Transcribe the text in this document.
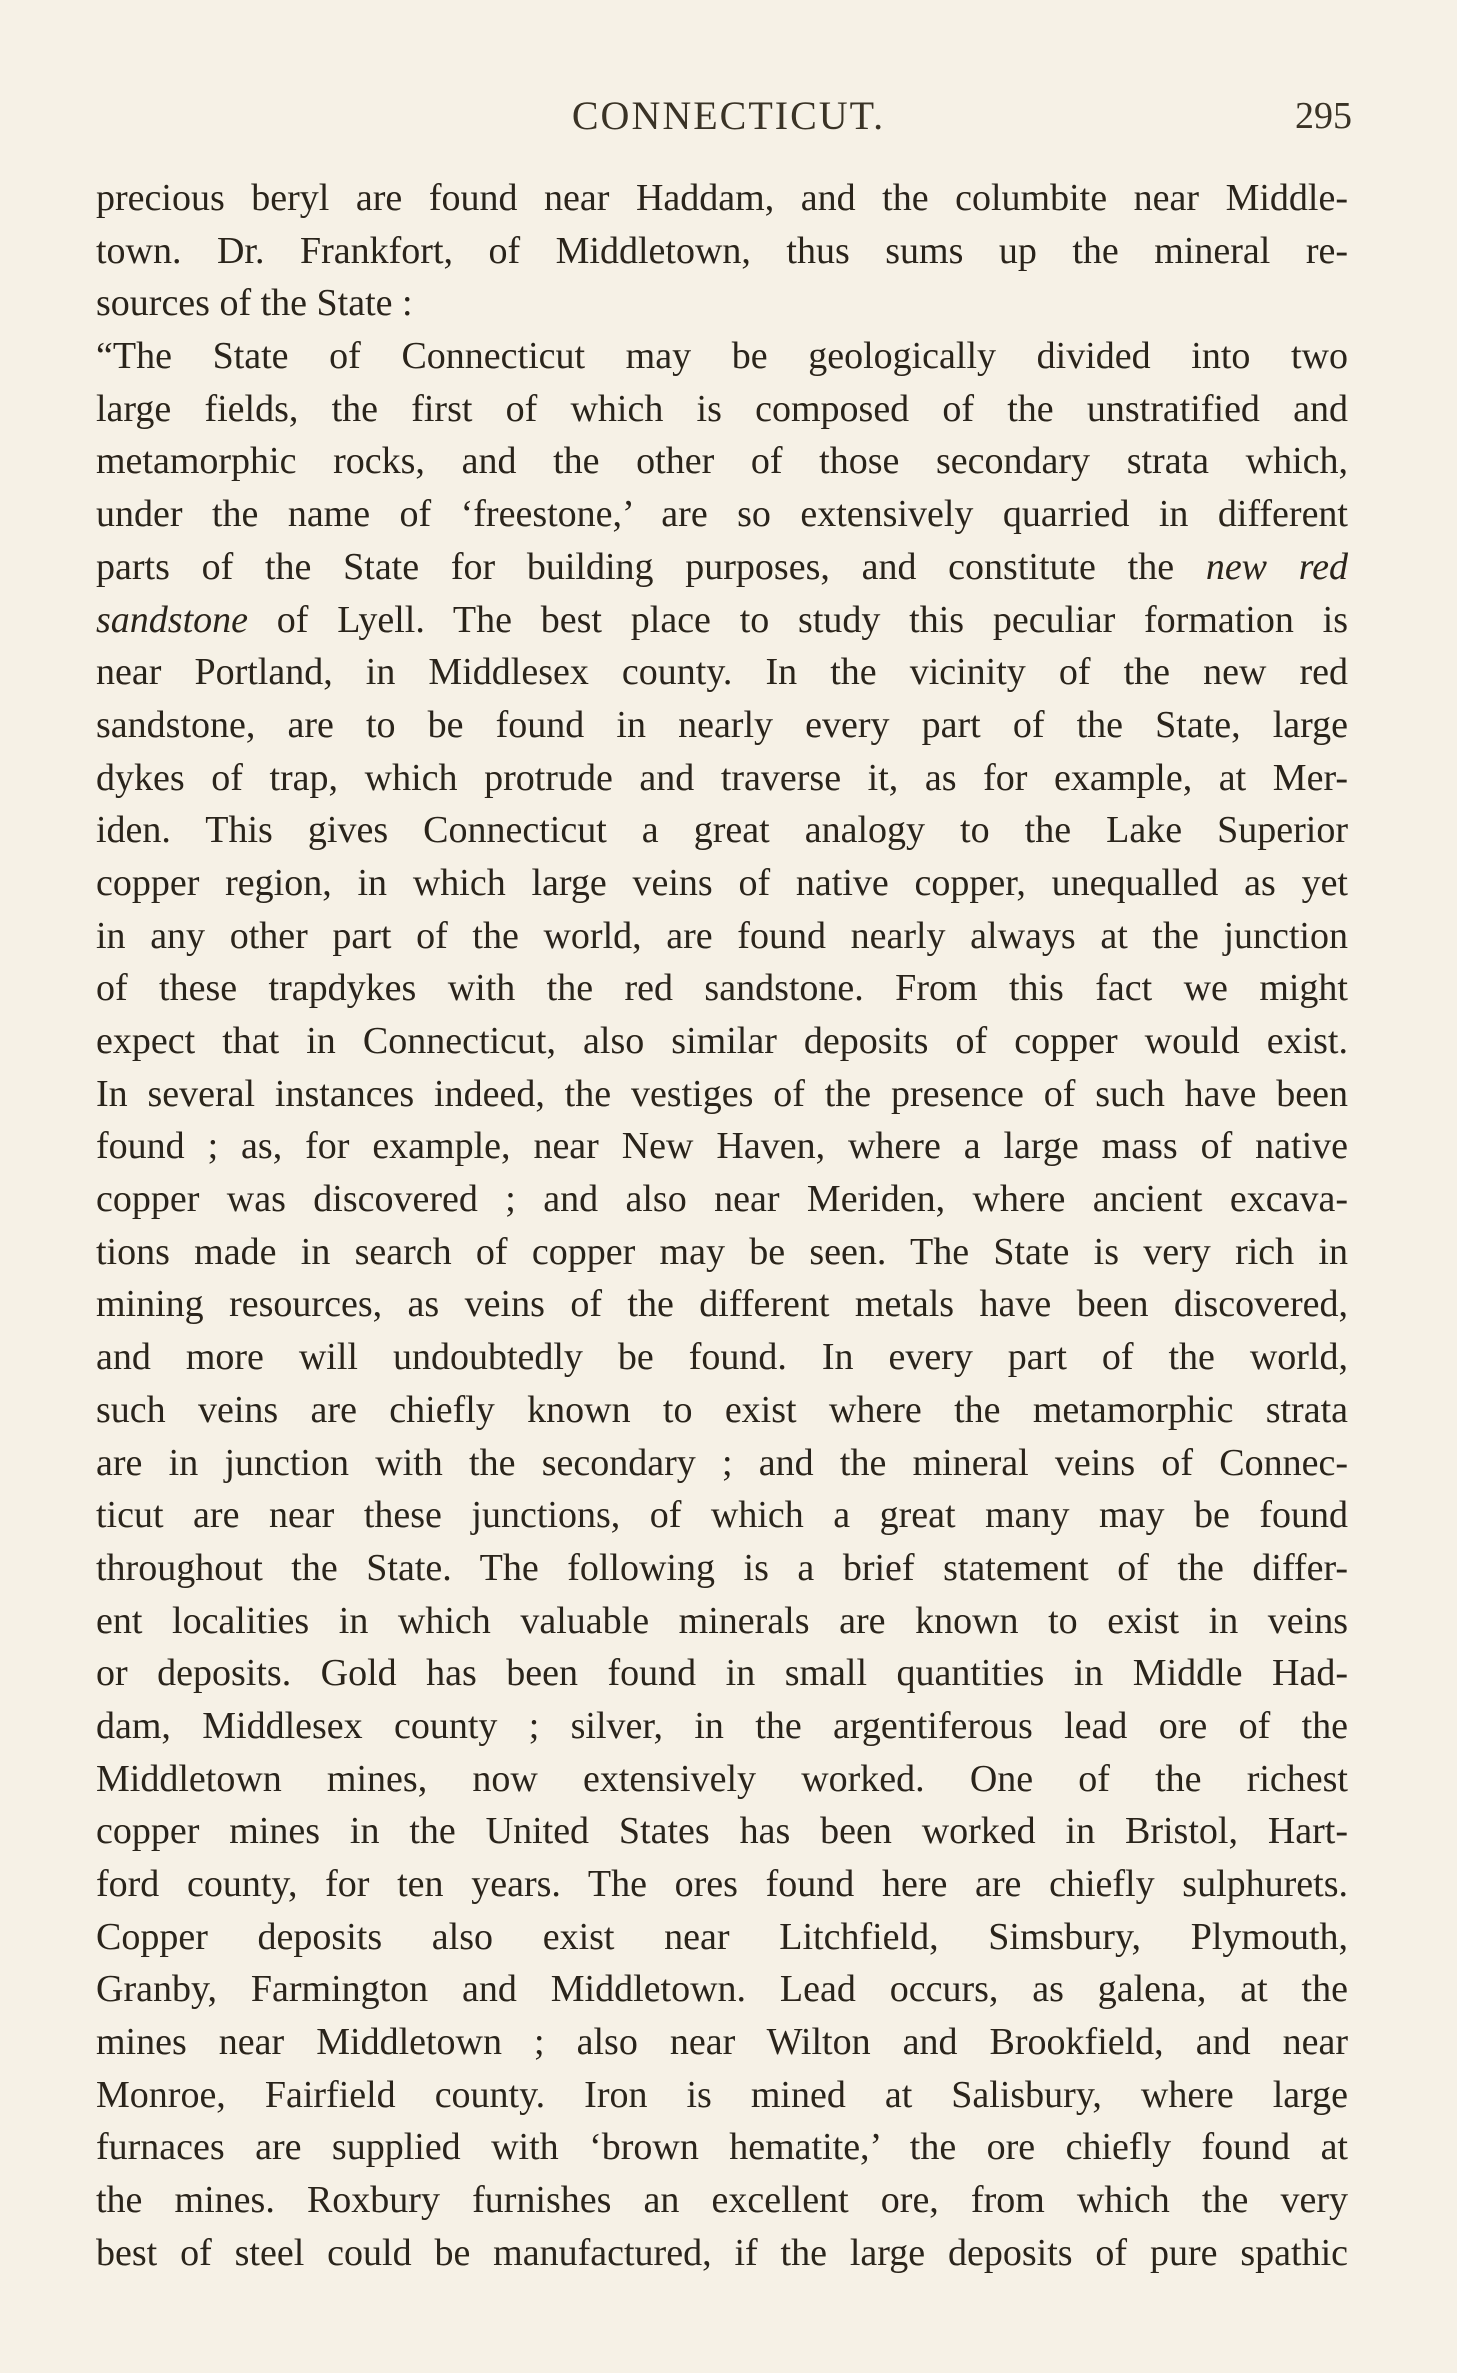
CONNECTICUT.	295
precious beryl are found near Haddam, and the columbite near Middle-
town. Dr. Frankfort, of Middletown, thus sums up the mineral re-
sources of the State :
“The State of Connecticut may be geologically divided into two
large fields, the first of which is composed of the unstratified and
metamorphic rocks, and the other of those secondary strata which,
under the name of ‘freestone,’ are so extensively quarried in different
parts of the State for building purposes, and constitute the new red
sandstone of Lyell. The best place to study this peculiar formation is
near Portland, in Middlesex county. In the vicinity of the new red
sandstone, are to be found in nearly every part of the State, large
dykes of trap, which protrude and traverse it, as for example, at Mer-
iden. This gives Connecticut a great analogy to the Lake Superior
copper region, in which large veins of native copper, unequalled as yet
in any other part of the world, are found nearly always at the junction
of these trapdykes with the red sandstone. From this fact we might
expect that in Connecticut, also similar deposits of copper would exist.
In several instances indeed, the vestiges of the presence of such have been
found ; as, for example, near New Haven, where a large mass of native
copper was discovered ; and also near Meriden, where ancient excava-
tions made in search of copper may be seen. The State is very rich in
mining resources, as veins of the different metals have been discovered,
and more will undoubtedly be found. In every part of the world,
such veins are chiefly known to exist where the metamorphic strata
are in junction with the secondary ; and the mineral veins of Connec-
ticut are near these junctions, of which a great many may be found
throughout the State. The following is a brief statement of the differ-
ent localities in which valuable minerals are known to exist in veins
or deposits. Gold has been found in small quantities in Middle Had-
dam, Middlesex county ; silver, in the argentiferous lead ore of the
Middletown mines, now extensively worked. One of the richest
copper mines in the United States has been worked in Bristol, Hart-
ford county, for ten years. The ores found here are chiefly sulphurets.
Copper deposits also exist near Litchfield, Simsbury, Plymouth,
Granby, Farmington and Middletown. Lead occurs, as galena, at the
mines near Middletown ; also near Wilton and Brookfield, and near
Monroe, Fairfield county. Iron is mined at Salisbury, where large
furnaces are supplied with ‘brown hematite,’ the ore chiefly found at
the mines. Roxbury furnishes an excellent ore, from which the very
best of steel could be manufactured, if the large deposits of pure spathic
